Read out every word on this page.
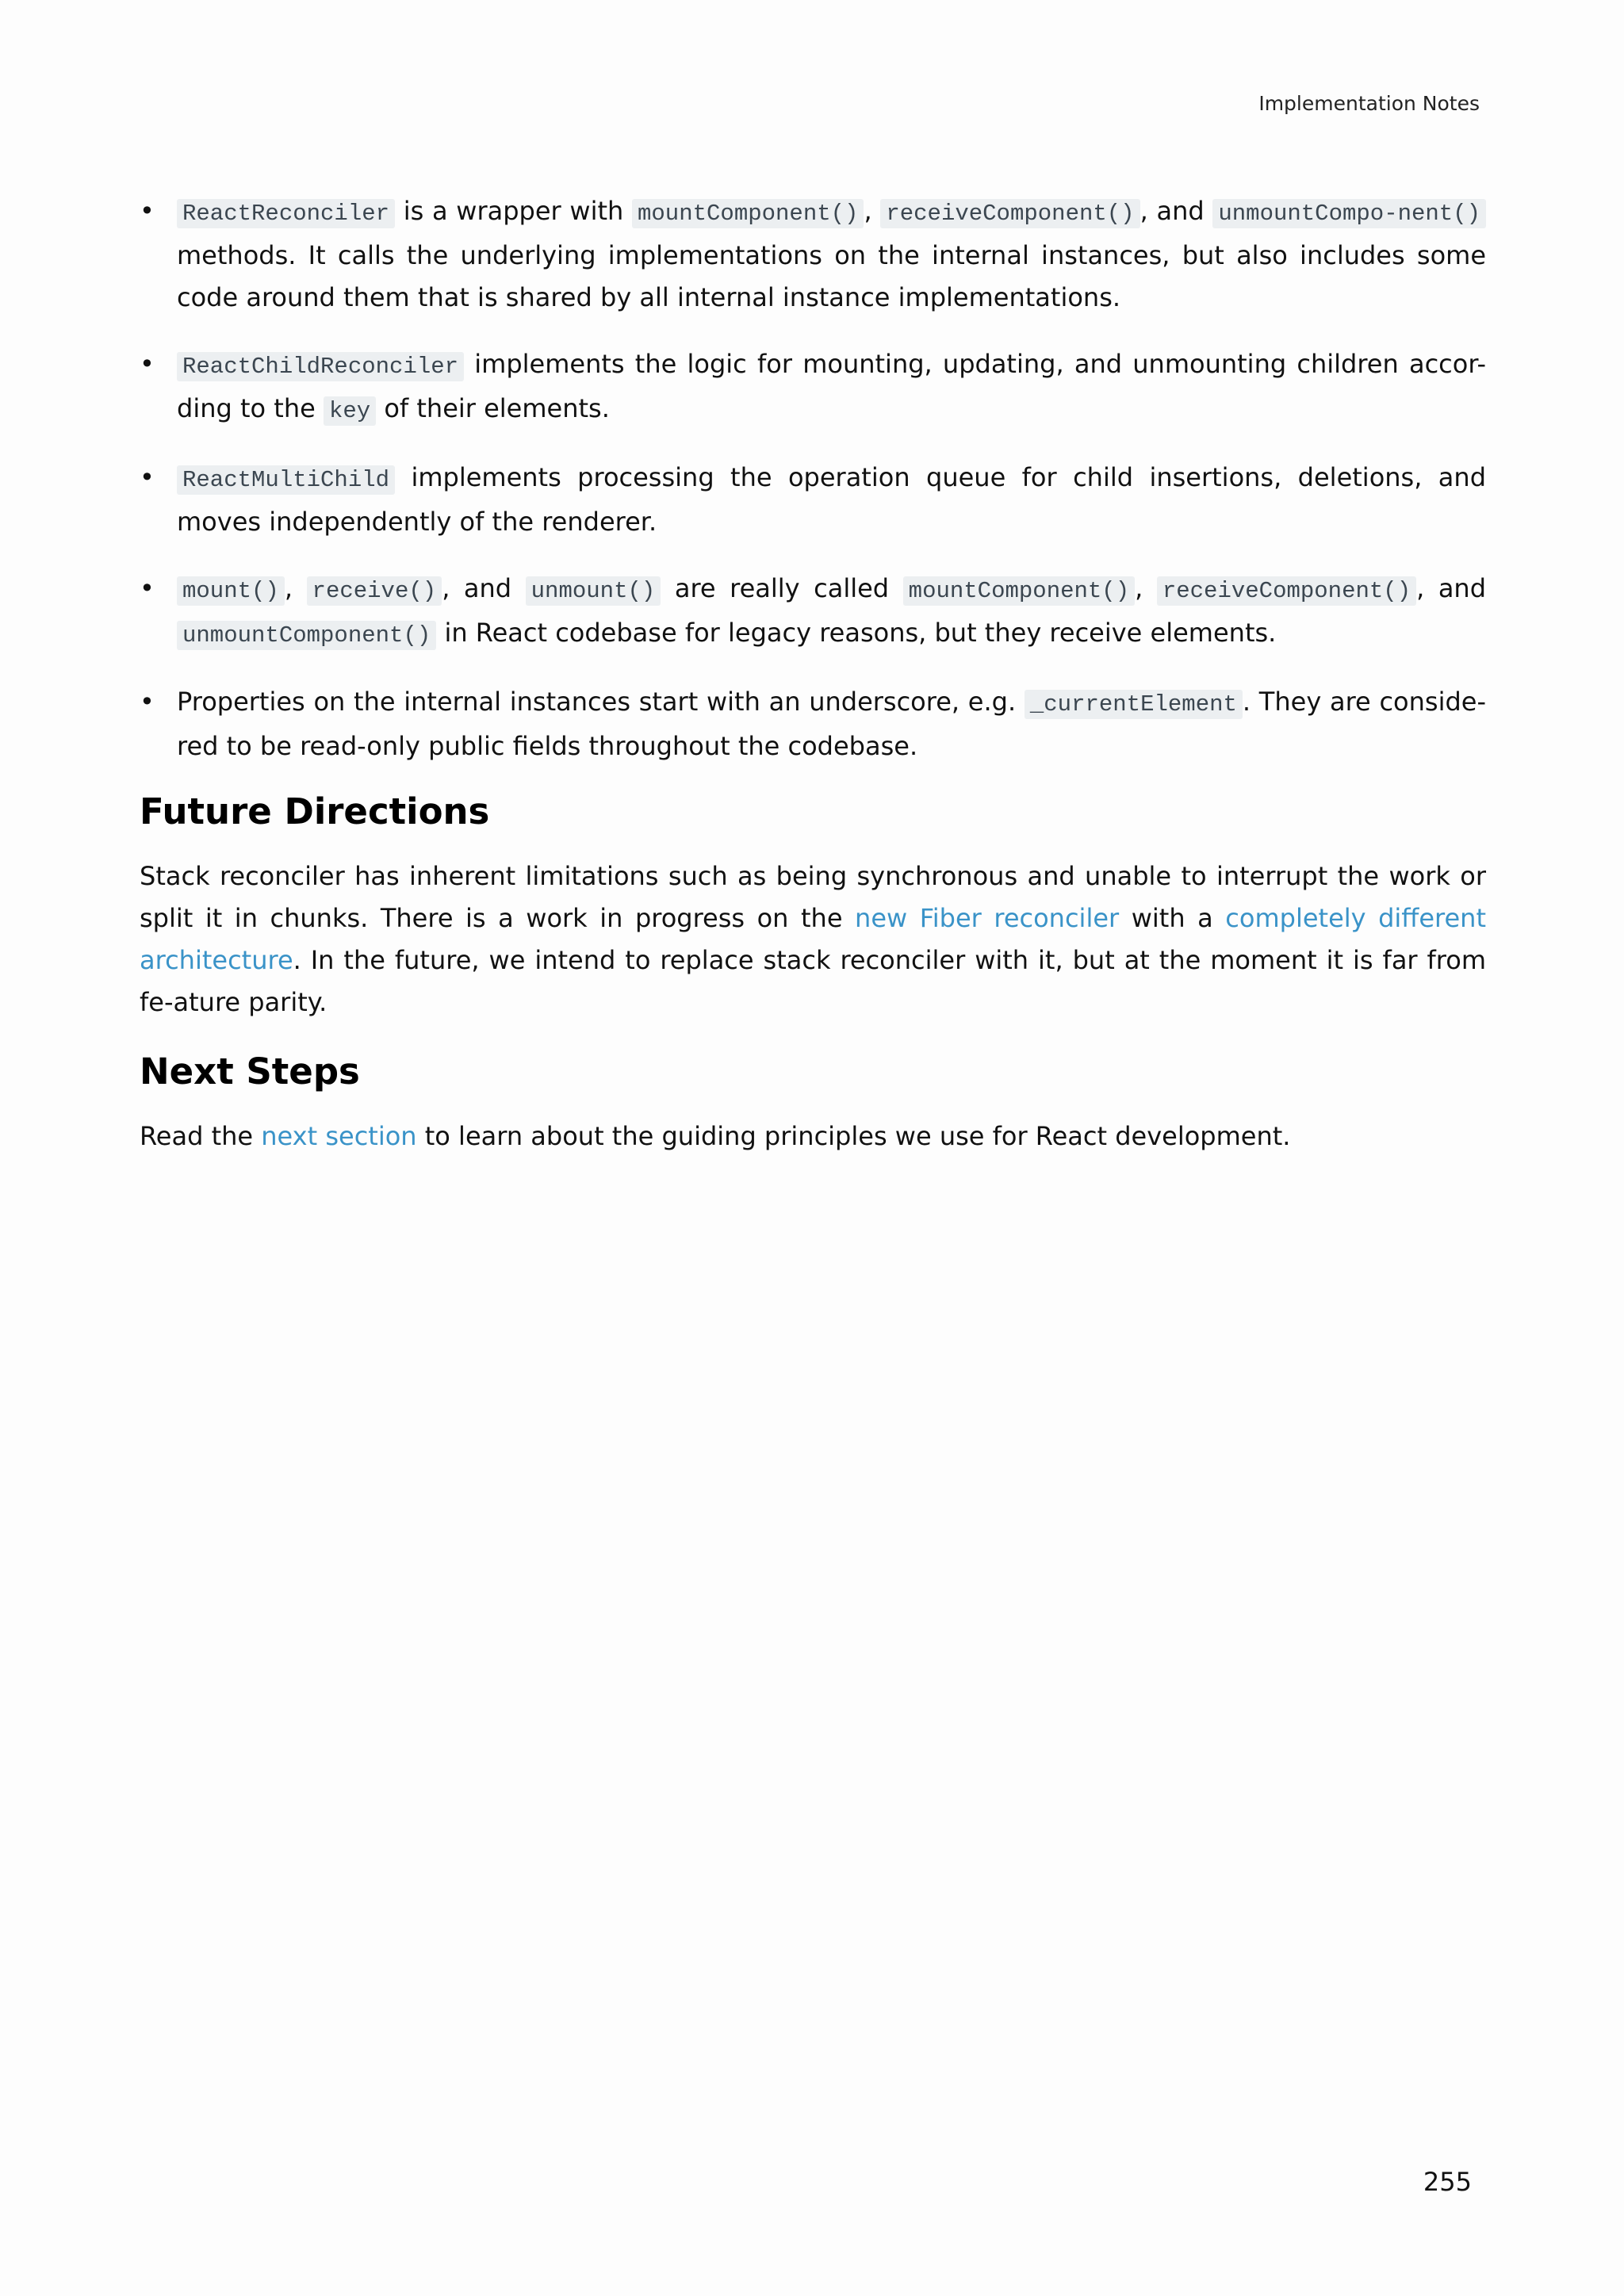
Implementation Notes
• ReactReconciler is a wrapper with mountComponent() , receiveComponent() , and unmountCompo-nent() methods. It calls the underlying implementations on the internal instances, but also includes some code around them that is shared by all internal instance implementations.
• ReactChildReconciler implements the logic for mounting, updating, and unmounting children accor-ding to the key of their elements.
• ReactMultiChild implements processing the operation queue for child insertions, deletions, and moves independently of the renderer.
• mount() , receive() , and unmount() are really called mountComponent() , receiveComponent() , and unmountComponent() in React codebase for legacy reasons, but they receive elements.
• Properties on the internal instances start with an underscore, e.g. _currentElement . They are conside-red to be read-only public fields throughout the codebase.
Future Directions

Stack reconciler has inherent limitations such as being synchronous and unable to interrupt the work or split it in chunks. There is a work in progress on the new Fiber reconciler with a completely different architecture. In the future, we intend to replace stack reconciler with it, but at the moment it is far from fe-ature parity.

Next Steps

Read the next section to learn about the guiding principles we use for React development.

255
